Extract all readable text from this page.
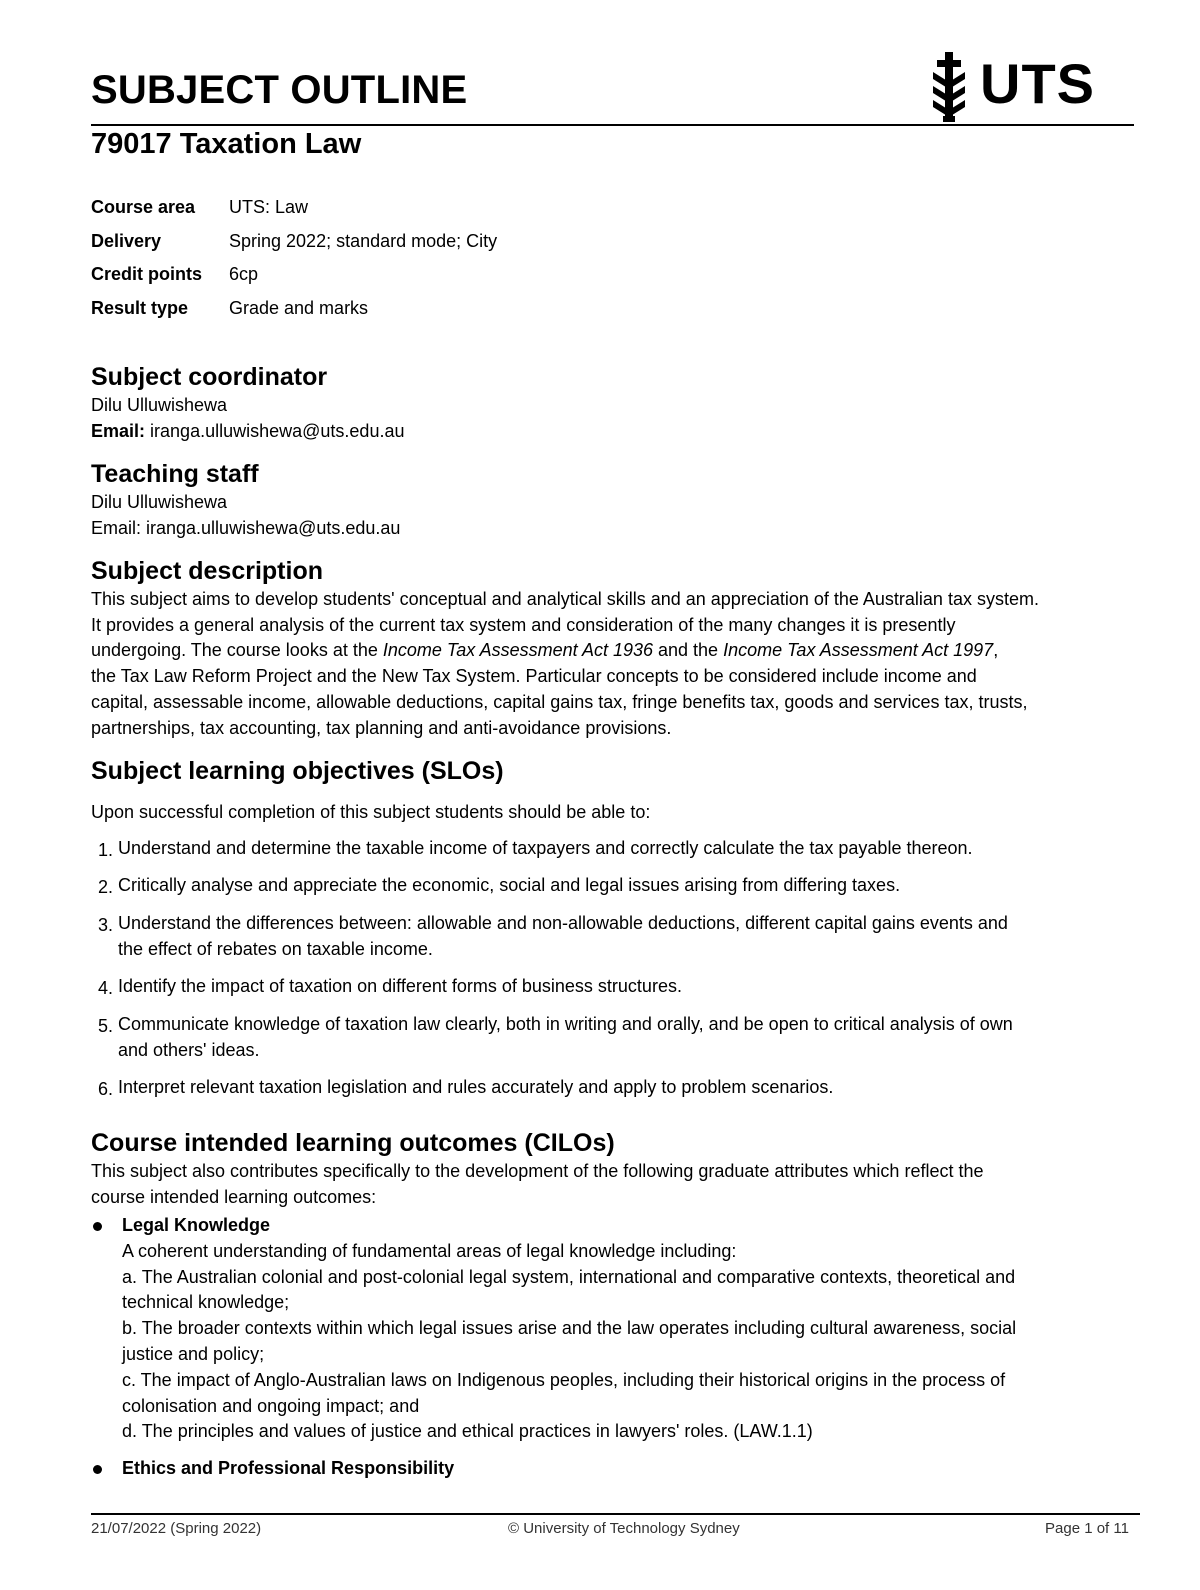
SUBJECT OUTLINE	UTS
79017 Taxation Law
Course area	UTS: Law
Delivery	Spring 2022; standard mode; City
Credit points	6cp
Result type	Grade and marks
Subject coordinator
Dilu Ulluwishewa
Email: iranga.ulluwishewa@uts.edu.au
Teaching staff
Dilu Ulluwishewa
Email: iranga.ulluwishewa@uts.edu.au
Subject description
This subject aims to develop students' conceptual and analytical skills and an appreciation of the Australian tax system.
It provides a general analysis of the current tax system and consideration of the many changes it is presently
undergoing. The course looks at the Income Tax Assessment Act 1936 and the Income Tax Assessment Act 1997,
the Tax Law Reform Project and the New Tax System. Particular concepts to be considered include income and
capital, assessable income, allowable deductions, capital gains tax, fringe benefits tax, goods and services tax, trusts,
partnerships, tax accounting, tax planning and anti-avoidance provisions.
Subject learning objectives (SLOs)
Upon successful completion of this subject students should be able to:
1. Understand and determine the taxable income of taxpayers and correctly calculate the tax payable thereon.
2. Critically analyse and appreciate the economic, social and legal issues arising from differing taxes.
3. Understand the differences between: allowable and non-allowable deductions, different capital gains events and
the effect of rebates on taxable income.
4. Identify the impact of taxation on different forms of business structures.
5. Communicate knowledge of taxation law clearly, both in writing and orally, and be open to critical analysis of own
and others' ideas.
6. Interpret relevant taxation legislation and rules accurately and apply to problem scenarios.
Course intended learning outcomes (CILOs)
This subject also contributes specifically to the development of the following graduate attributes which reflect the
course intended learning outcomes:
Legal Knowledge
A coherent understanding of fundamental areas of legal knowledge including:
a. The Australian colonial and post-colonial legal system, international and comparative contexts, theoretical and
technical knowledge;
b. The broader contexts within which legal issues arise and the law operates including cultural awareness, social
justice and policy;
c. The impact of Anglo-Australian laws on Indigenous peoples, including their historical origins in the process of
colonisation and ongoing impact; and
d. The principles and values of justice and ethical practices in lawyers' roles. (LAW.1.1)
Ethics and Professional Responsibility
21/07/2022 (Spring 2022)	© University of Technology Sydney	Page 1 of 11
